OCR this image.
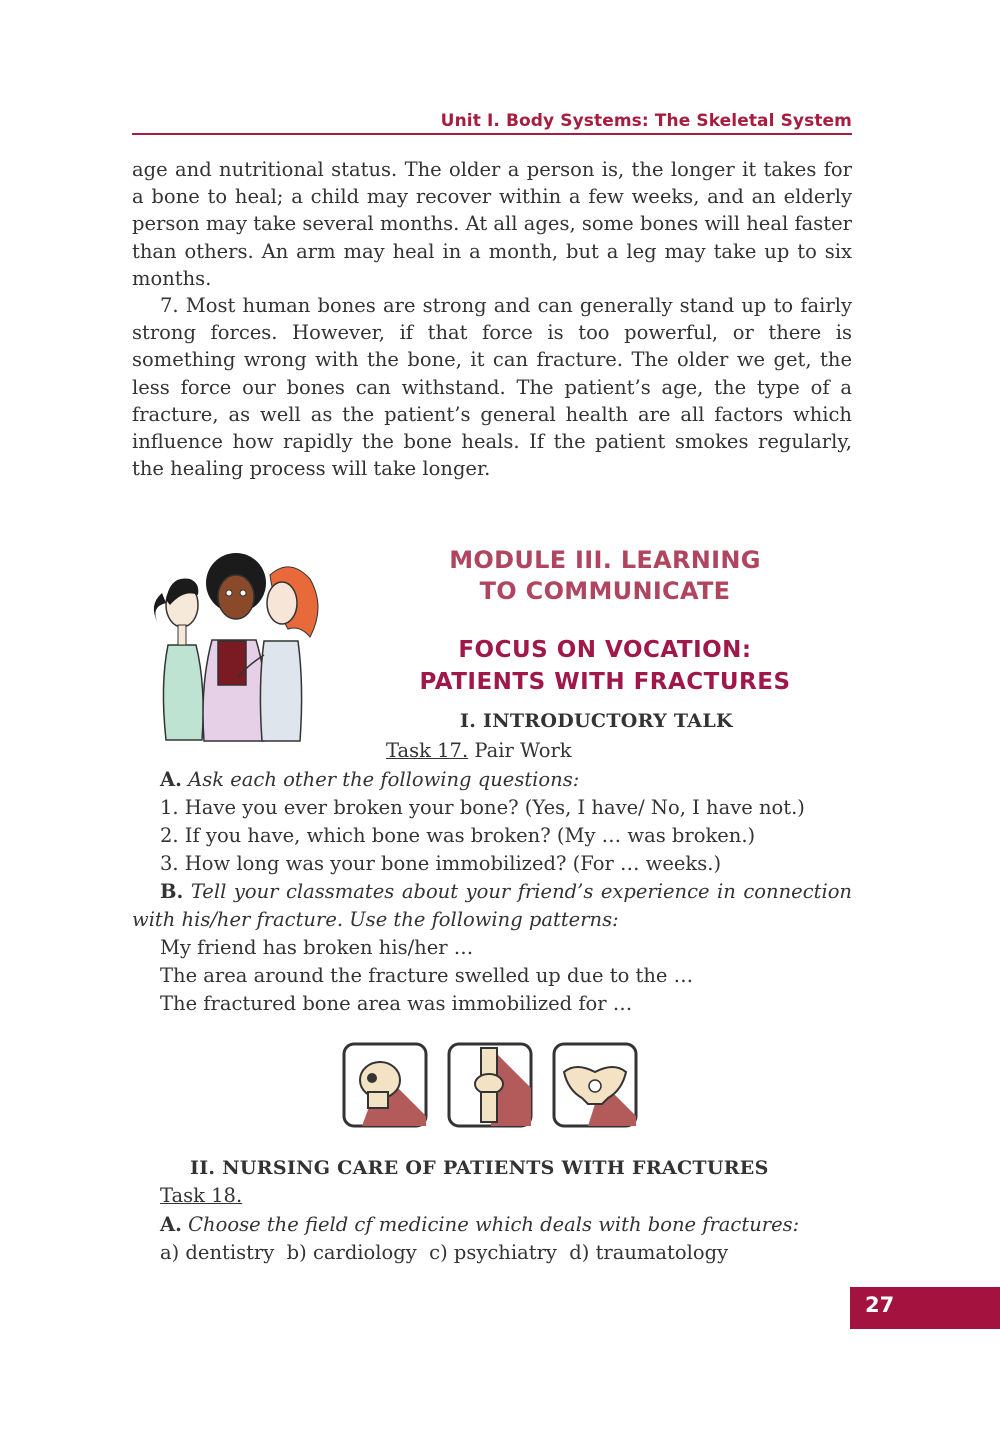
Unit I. Body Systems: The Skeletal System

age and nutritional status. The older a person is, the longer it takes for a bone to heal; a child may recover within a few weeks, and an elderly person may take several months. At all ages, some bones will heal faster than others. An arm may heal in a month, but a leg may take up to six months.

7. Most human bones are strong and can generally stand up to fairly strong forces. However, if that force is too powerful, or there is something wrong with the bone, it can fracture. The older we get, the less force our bones can withstand. The patient’s age, the type of a fracture, as well as the patient’s general health are all factors which influence how rapidly the bone heals. If the patient smokes regularly, the healing process will take longer.

MODULE III. LEARNING
TO COMMUNICATE
FOCUS ON VOCATION:
PATIENTS WITH FRACTURES
I. INTRODUCTORY TALK
Task 17. Pair Work
A. Ask each other the following questions:
1. Have you ever broken your bone? (Yes, I have/ No, I have not.)
2. If you have, which bone was broken? (My … was broken.)
3. How long was your bone immobilized? (For … weeks.)

B. Tell your classmates about your friend’s experience in connection with his/her fracture. Use the following patterns:

My friend has broken his/her …
The area around the fracture swelled up due to the …
The fractured bone area was immobilized for …
II. NURSING CARE OF PATIENTS WITH FRACTURES
Task 18.
A. Choose the field cf medicine which deals with bone fractures:
a) dentistry  b) cardiology  c) psychiatry  d) traumatology
27
